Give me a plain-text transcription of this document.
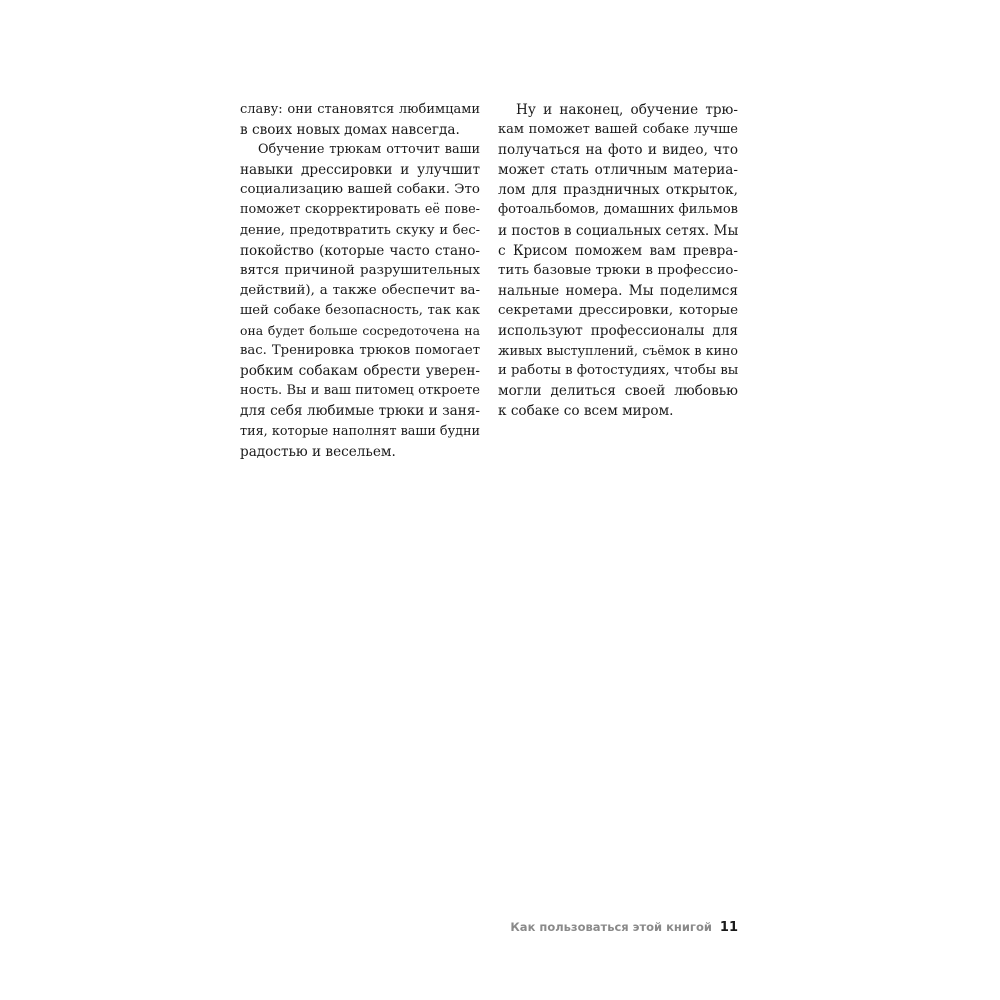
славу: они становятся любимцами
в своих новых домах навсегда.
Обучение трюкам отточит ваши
навыки дрессировки и улучшит
социализацию вашей собаки. Это
поможет скорректировать её пове-
дение, предотвратить скуку и бес-
покойство (которые часто стано-
вятся причиной разрушительных
действий), а также обеспечит ва-
шей собаке безопасность, так как
она будет больше сосредоточена на
вас. Тренировка трюков помогает
робким собакам обрести уверен-
ность. Вы и ваш питомец откроете
для себя любимые трюки и заня-
тия, которые наполнят ваши будни
радостью и весельем.
Ну и наконец, обучение трю-
кам поможет вашей собаке лучше
получаться на фото и видео, что
может стать отличным материа-
лом для праздничных открыток,
фотоальбомов, домашних фильмов
и постов в социальных сетях. Мы
с Крисом поможем вам превра-
тить базовые трюки в профессио-
нальные номера. Мы поделимся
секретами дрессировки, которые
используют профессионалы для
живых выступлений, съёмок в кино
и работы в фотостудиях, чтобы вы
могли делиться своей любовью
к собаке со всем миром.
Как пользоваться этой книгой 11
